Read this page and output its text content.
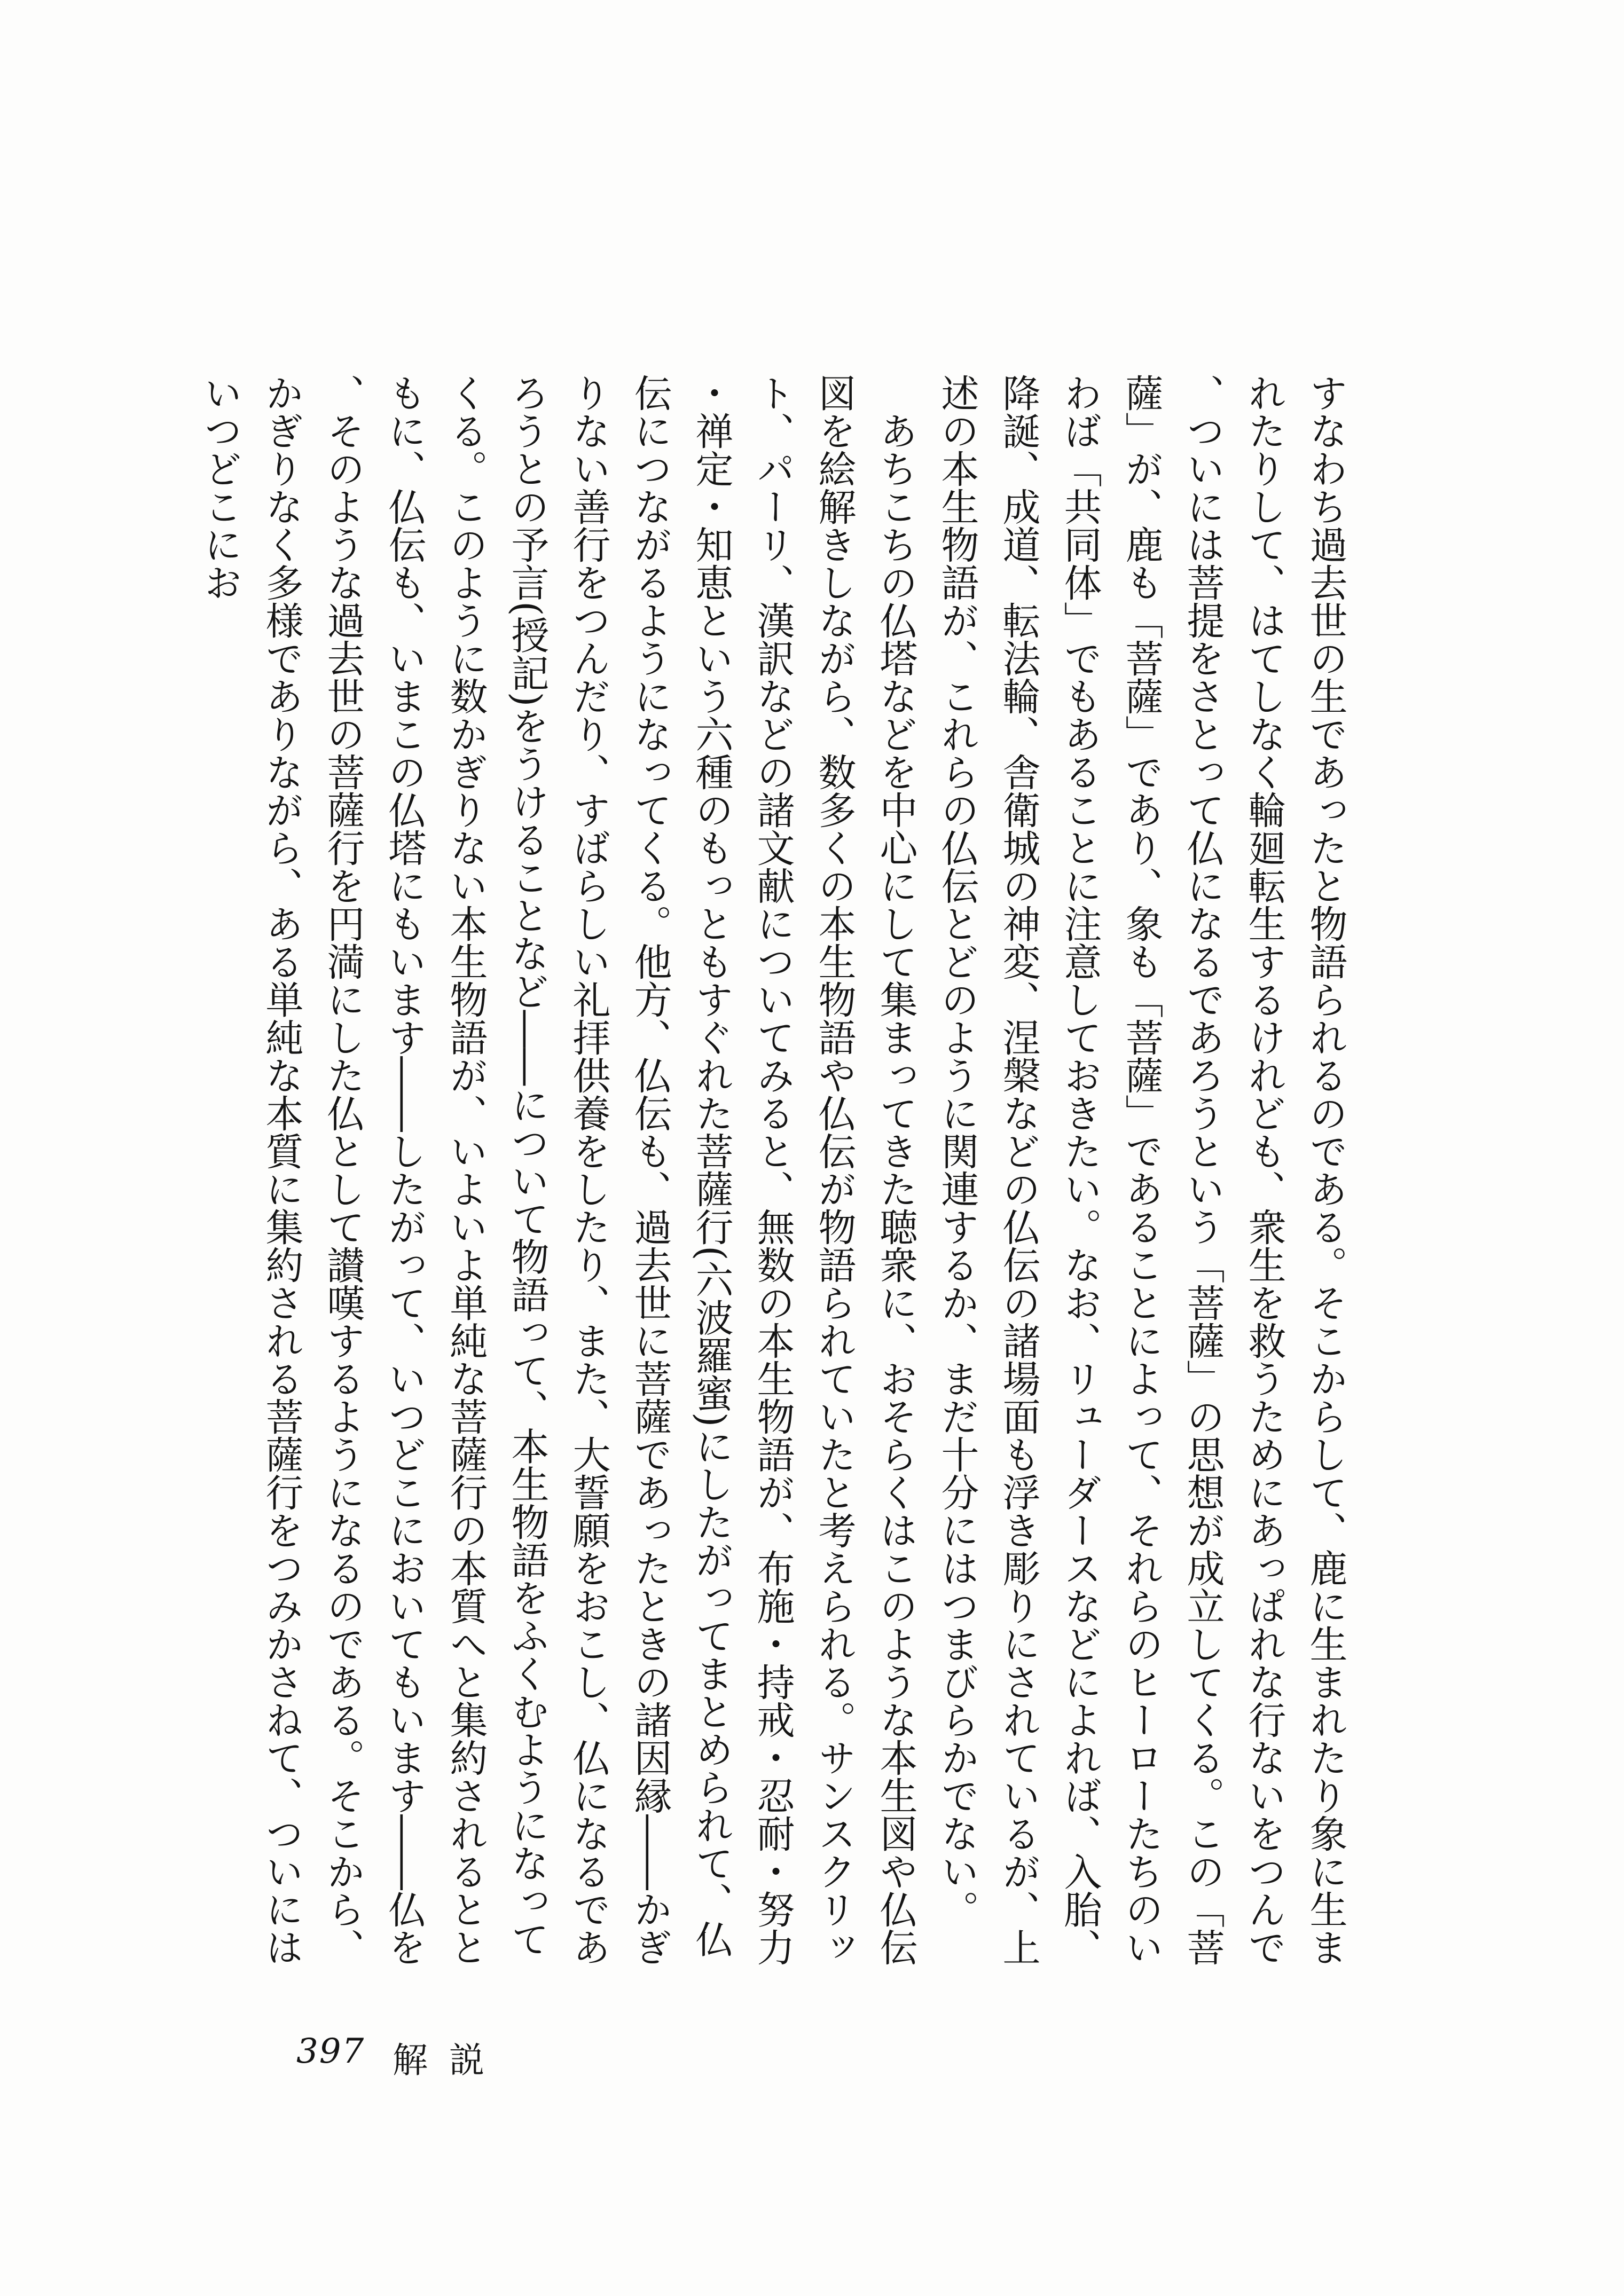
すなわち過去世の生であったと物語られるのである。そこからして、鹿に生まれたり象に生まれたりして、はてしなく輪廻転生するけれども、衆生を救うためにあっぱれな行ないをつんで、ついには菩提をさとって仏になるであろうという「菩薩」の思想が成立してくる。この「菩薩」が、鹿も「菩薩」であり、象も「菩薩」であることによって、それらのヒーローたちのいわば「共同体」でもあることに注意しておきたい。なお、リューダースなどによれば、入胎、降誕、成道、転法輪、舎衛城の神変、涅槃などの仏伝の諸場面も浮き彫りにされているが、上述の本生物語が、これらの仏伝とどのように関連するか、まだ十分にはつまびらかでない。

あちこちの仏塔などを中心にして集まってきた聴衆に、おそらくはこのような本生図や仏伝図を絵解きしながら、数多くの本生物語や仏伝が物語られていたと考えられる。サンスクリット、パーリ、漢訳などの諸文献についてみると、無数の本生物語が、布施・持戒・忍耐・努力・禅定・知恵という六種のもっともすぐれた菩薩行(六波羅蜜)にしたがってまとめられて、仏伝につながるようになってくる。他方、仏伝も、過去世に菩薩であったときの諸因縁――かぎりない善行をつんだり、すばらしい礼拝供養をしたり、また、大誓願をおこし、仏になるであろうとの予言(授記)をうけることなど――について物語って、本生物語をふくむようになってくる。このように数かぎりない本生物語が、いよいよ単純な菩薩行の本質へと集約されるとともに、仏伝も、いまこの仏塔にもいます――したがって、いつどこにおいてもいます――仏を、そのような過去世の菩薩行を円満にした仏として讃嘆するようになるのである。そこから、かぎりなく多様でありながら、ある単純な本質に集約される菩薩行をつみかさねて、ついにはいつどこにお

397 解説
